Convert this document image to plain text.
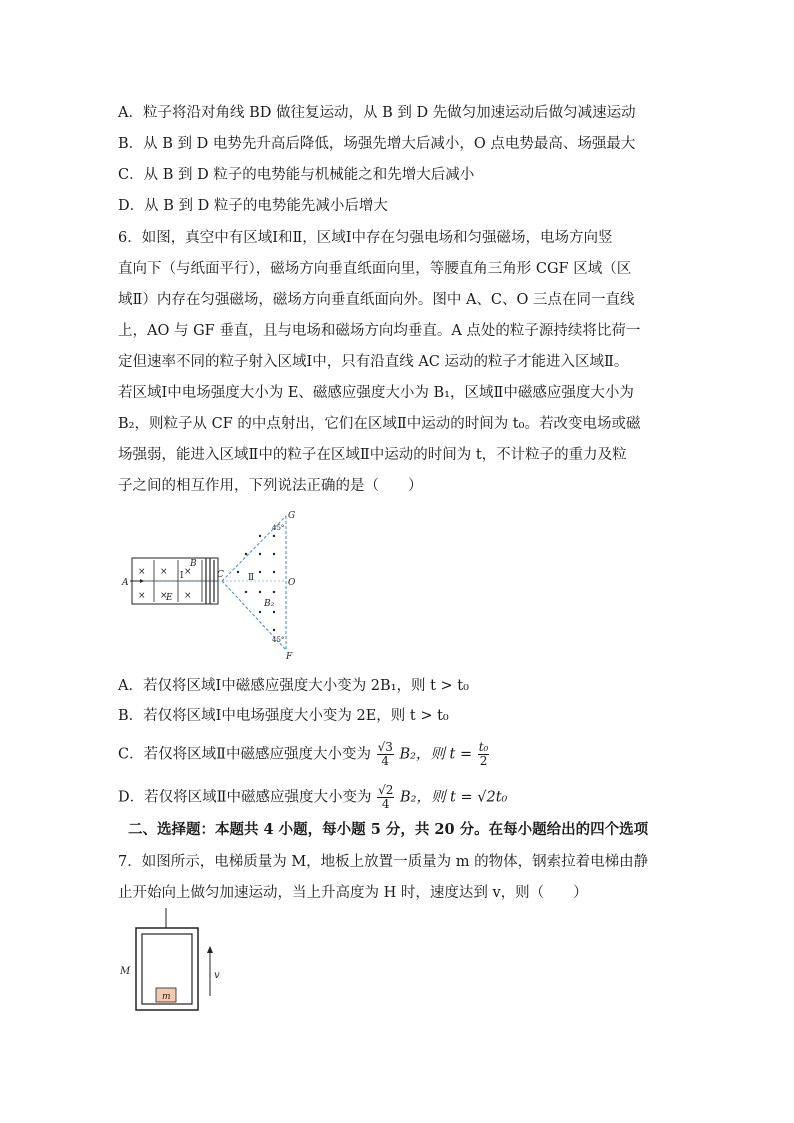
A．粒子将沿对角线 BD 做往复运动，从 B 到 D 先做匀加速运动后做匀减速运动
B．从 B 到 D 电势先升高后降低，场强先增大后减小，O 点电势最高、场强最大
C．从 B 到 D 粒子的电势能与机械能之和先增大后减小
D．从 B 到 D 粒子的电势能先减小后增大
6．如图，真空中有区域Ⅰ和Ⅱ，区域Ⅰ中存在匀强电场和匀强磁场，电场方向竖
直向下（与纸面平行），磁场方向垂直纸面向里，等腰直角三角形 CGF 区域（区
域Ⅱ）内存在匀强磁场，磁场方向垂直纸面向外。图中 A、C、O 三点在同一直线
上，AO 与 GF 垂直，且与电场和磁场方向均垂直。A 点处的粒子源持续将比荷一
定但速率不同的粒子射入区域Ⅰ中，只有沿直线 AC 运动的粒子才能进入区域Ⅱ。
若区域Ⅰ中电场强度大小为 E、磁感应强度大小为 B₁，区域Ⅱ中磁感应强度大小为
B₂，则粒子从 CF 的中点射出，它们在区域Ⅱ中运动的时间为 t₀。若改变电场或磁
场强弱，能进入区域Ⅱ中的粒子在区域Ⅱ中运动的时间为 t，不计粒子的重力及粒
子之间的相互作用，下列说法正确的是（　　）
× × ×
× × ×
G
45°
A
C
B
E
Ⅰ	Ⅱ	O
B₂
45°
F
A．若仅将区域Ⅰ中磁感应强度大小变为 2B₁，则 t > t₀
B．若仅将区域Ⅰ中电场强度大小变为 2E，则 t > t₀
C．若仅将区域Ⅱ中磁感应强度大小变为 $\frac{√3}{4} B_2$，则 $t = \frac{\text{t₀}}{2}$
D．若仅将区域Ⅱ中磁感应强度大小变为 $\frac{√2}{4} B_2$，则 t = √2t₀
二、选择题：本题共 4 小题，每小题 5 分，共 20 分。在每小题给出的四个选项
7．如图所示，电梯质量为 M，地板上放置一质量为 m 的物体，钢索拉着电梯由静
止开始向上做匀加速运动，当上升高度为 H 时，速度达到 v，则（　　）
m
M	v
